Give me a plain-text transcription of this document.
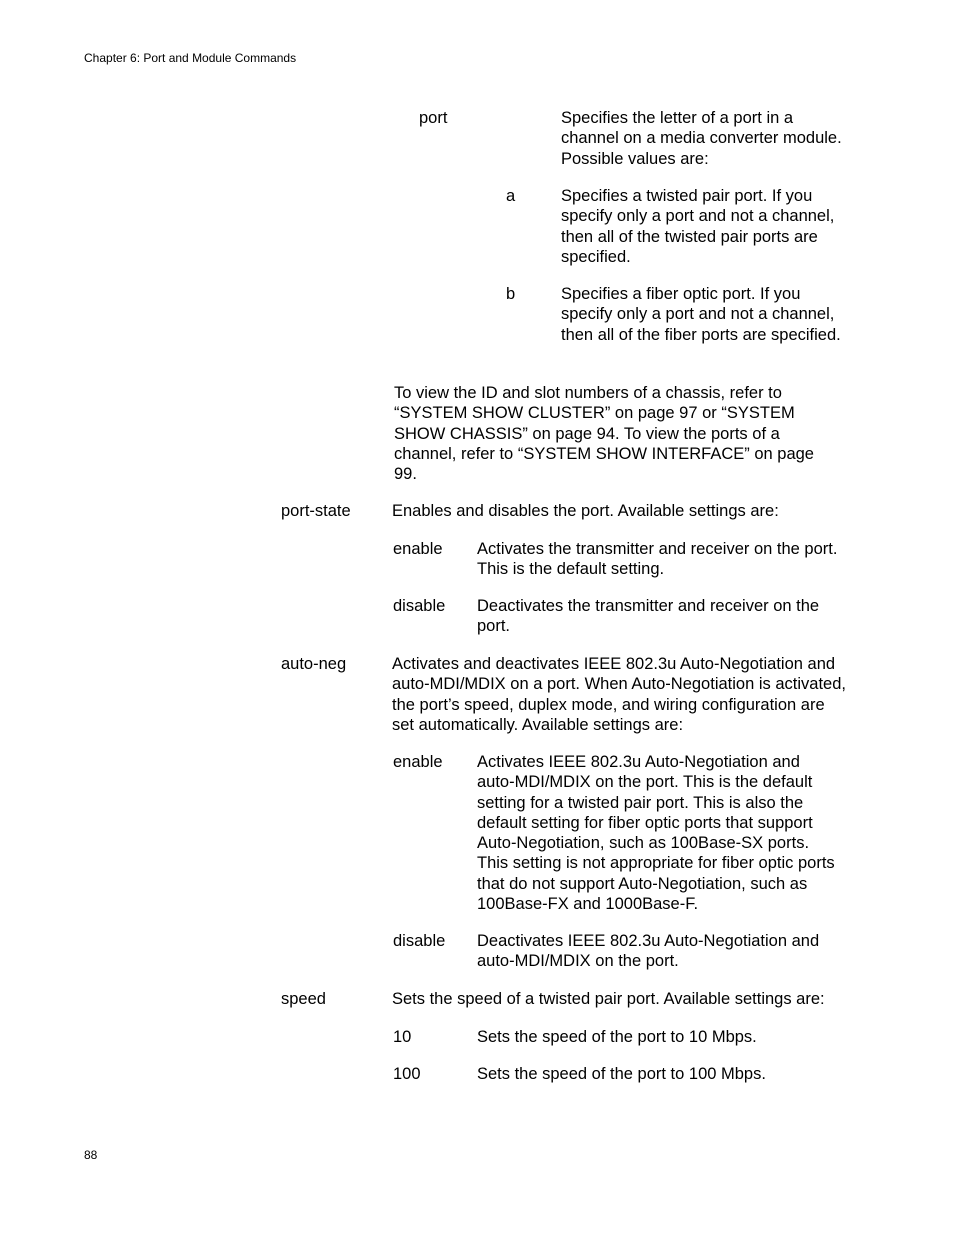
Chapter 6: Port and Module Commands
port	Specifies the letter of a port in a channel on a media converter module. Possible values are:
a	Specifies a twisted pair port. If you specify only a port and not a channel, then all of the twisted pair ports are specified.
b	Specifies a fiber optic port. If you specify only a port and not a channel, then all of the fiber ports are specified.
To view the ID and slot numbers of a chassis, refer to “SYSTEM SHOW CLUSTER” on page 97 or “SYSTEM SHOW CHASSIS” on page 94. To view the ports of a channel, refer to “SYSTEM SHOW INTERFACE” on page 99.
port-state	Enables and disables the port. Available settings are:
enable Activates the transmitter and receiver on the port. This is the default setting.
disable Deactivates the transmitter and receiver on the port.
auto-neg	Activates and deactivates IEEE 802.3u Auto-Negotiation and auto-MDI/MDIX on a port. When Auto-Negotiation is activated, the port’s speed, duplex mode, and wiring configuration are set automatically. Available settings are:
enable Activates IEEE 802.3u Auto-Negotiation and auto-MDI/MDIX on the port. This is the default setting for a twisted pair port. This is also the default setting for fiber optic ports that support Auto-Negotiation, such as 100Base-SX ports. This setting is not appropriate for fiber optic ports that do not support Auto-Negotiation, such as 100Base-FX and 1000Base-F.
disable Deactivates IEEE 802.3u Auto-Negotiation and auto-MDI/MDIX on the port.
speed	Sets the speed of a twisted pair port. Available settings are:
10	Sets the speed of the port to 10 Mbps.
100	Sets the speed of the port to 100 Mbps.
88
